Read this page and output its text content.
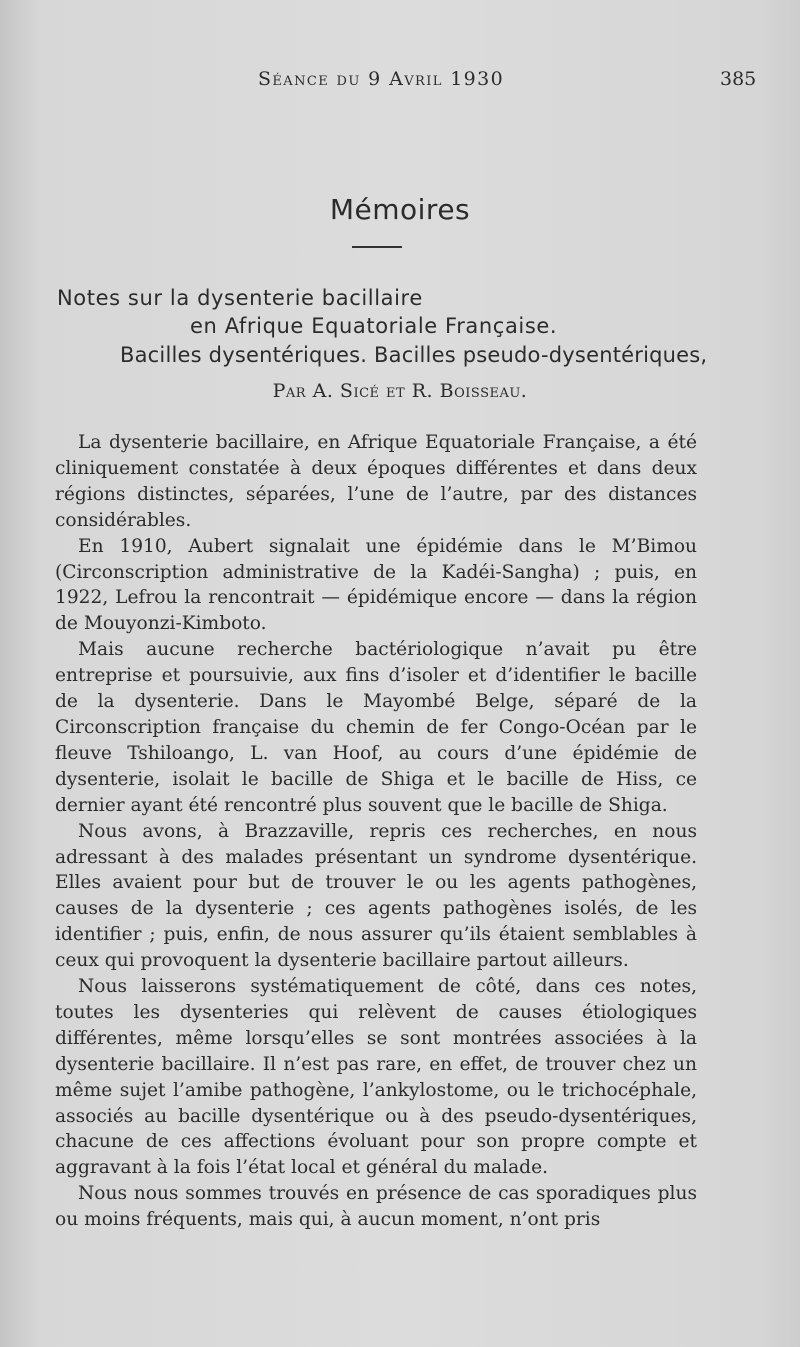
Séance du 9 Avril 1930	385
Mémoires
Notes sur la dysenterie bacillaire
en Afrique Equatoriale Française.
Bacilles dysentériques. Bacilles pseudo-dysentériques,
Par A. Sicé et R. Boisseau.

La dysenterie bacillaire, en Afrique Equatoriale Française, a été cliniquement constatée à deux époques différentes et dans deux régions distinctes, séparées, l’une de l’autre, par des distances considérables.

En 1910, Aubert signalait une épidémie dans le M’Bimou (Circonscription administrative de la Kadéi-Sangha) ; puis, en 1922, Lefrou la rencontrait — épidémique encore — dans la région de Mouyonzi-Kimboto.

Mais aucune recherche bactériologique n’avait pu être entreprise et poursuivie, aux fins d’isoler et d’identifier le bacille de la dysenterie. Dans le Mayombé Belge, séparé de la Circonscription française du chemin de fer Congo-Océan par le fleuve Tshiloango, L. van Hoof, au cours d’une épidémie de dysenterie, isolait le bacille de Shiga et le bacille de Hiss, ce dernier ayant été rencontré plus souvent que le bacille de Shiga.

Nous avons, à Brazzaville, repris ces recherches, en nous adressant à des malades présentant un syndrome dysentérique. Elles avaient pour but de trouver le ou les agents pathogènes, causes de la dysenterie ; ces agents pathogènes isolés, de les identifier ; puis, enfin, de nous assurer qu’ils étaient semblables à ceux qui provoquent la dysenterie bacillaire partout ailleurs.

Nous laisserons systématiquement de côté, dans ces notes, toutes les dysenteries qui relèvent de causes étiologiques différentes, même lorsqu’elles se sont montrées associées à la dysenterie bacillaire. Il n’est pas rare, en effet, de trouver chez un même sujet l’amibe pathogène, l’ankylostome, ou le trichocéphale, associés au bacille dysentérique ou à des pseudo-dysentériques, chacune de ces affections évoluant pour son propre compte et aggravant à la fois l’état local et général du malade.

Nous nous sommes trouvés en présence de cas sporadiques plus ou moins fréquents, mais qui, à aucun moment, n’ont pris
